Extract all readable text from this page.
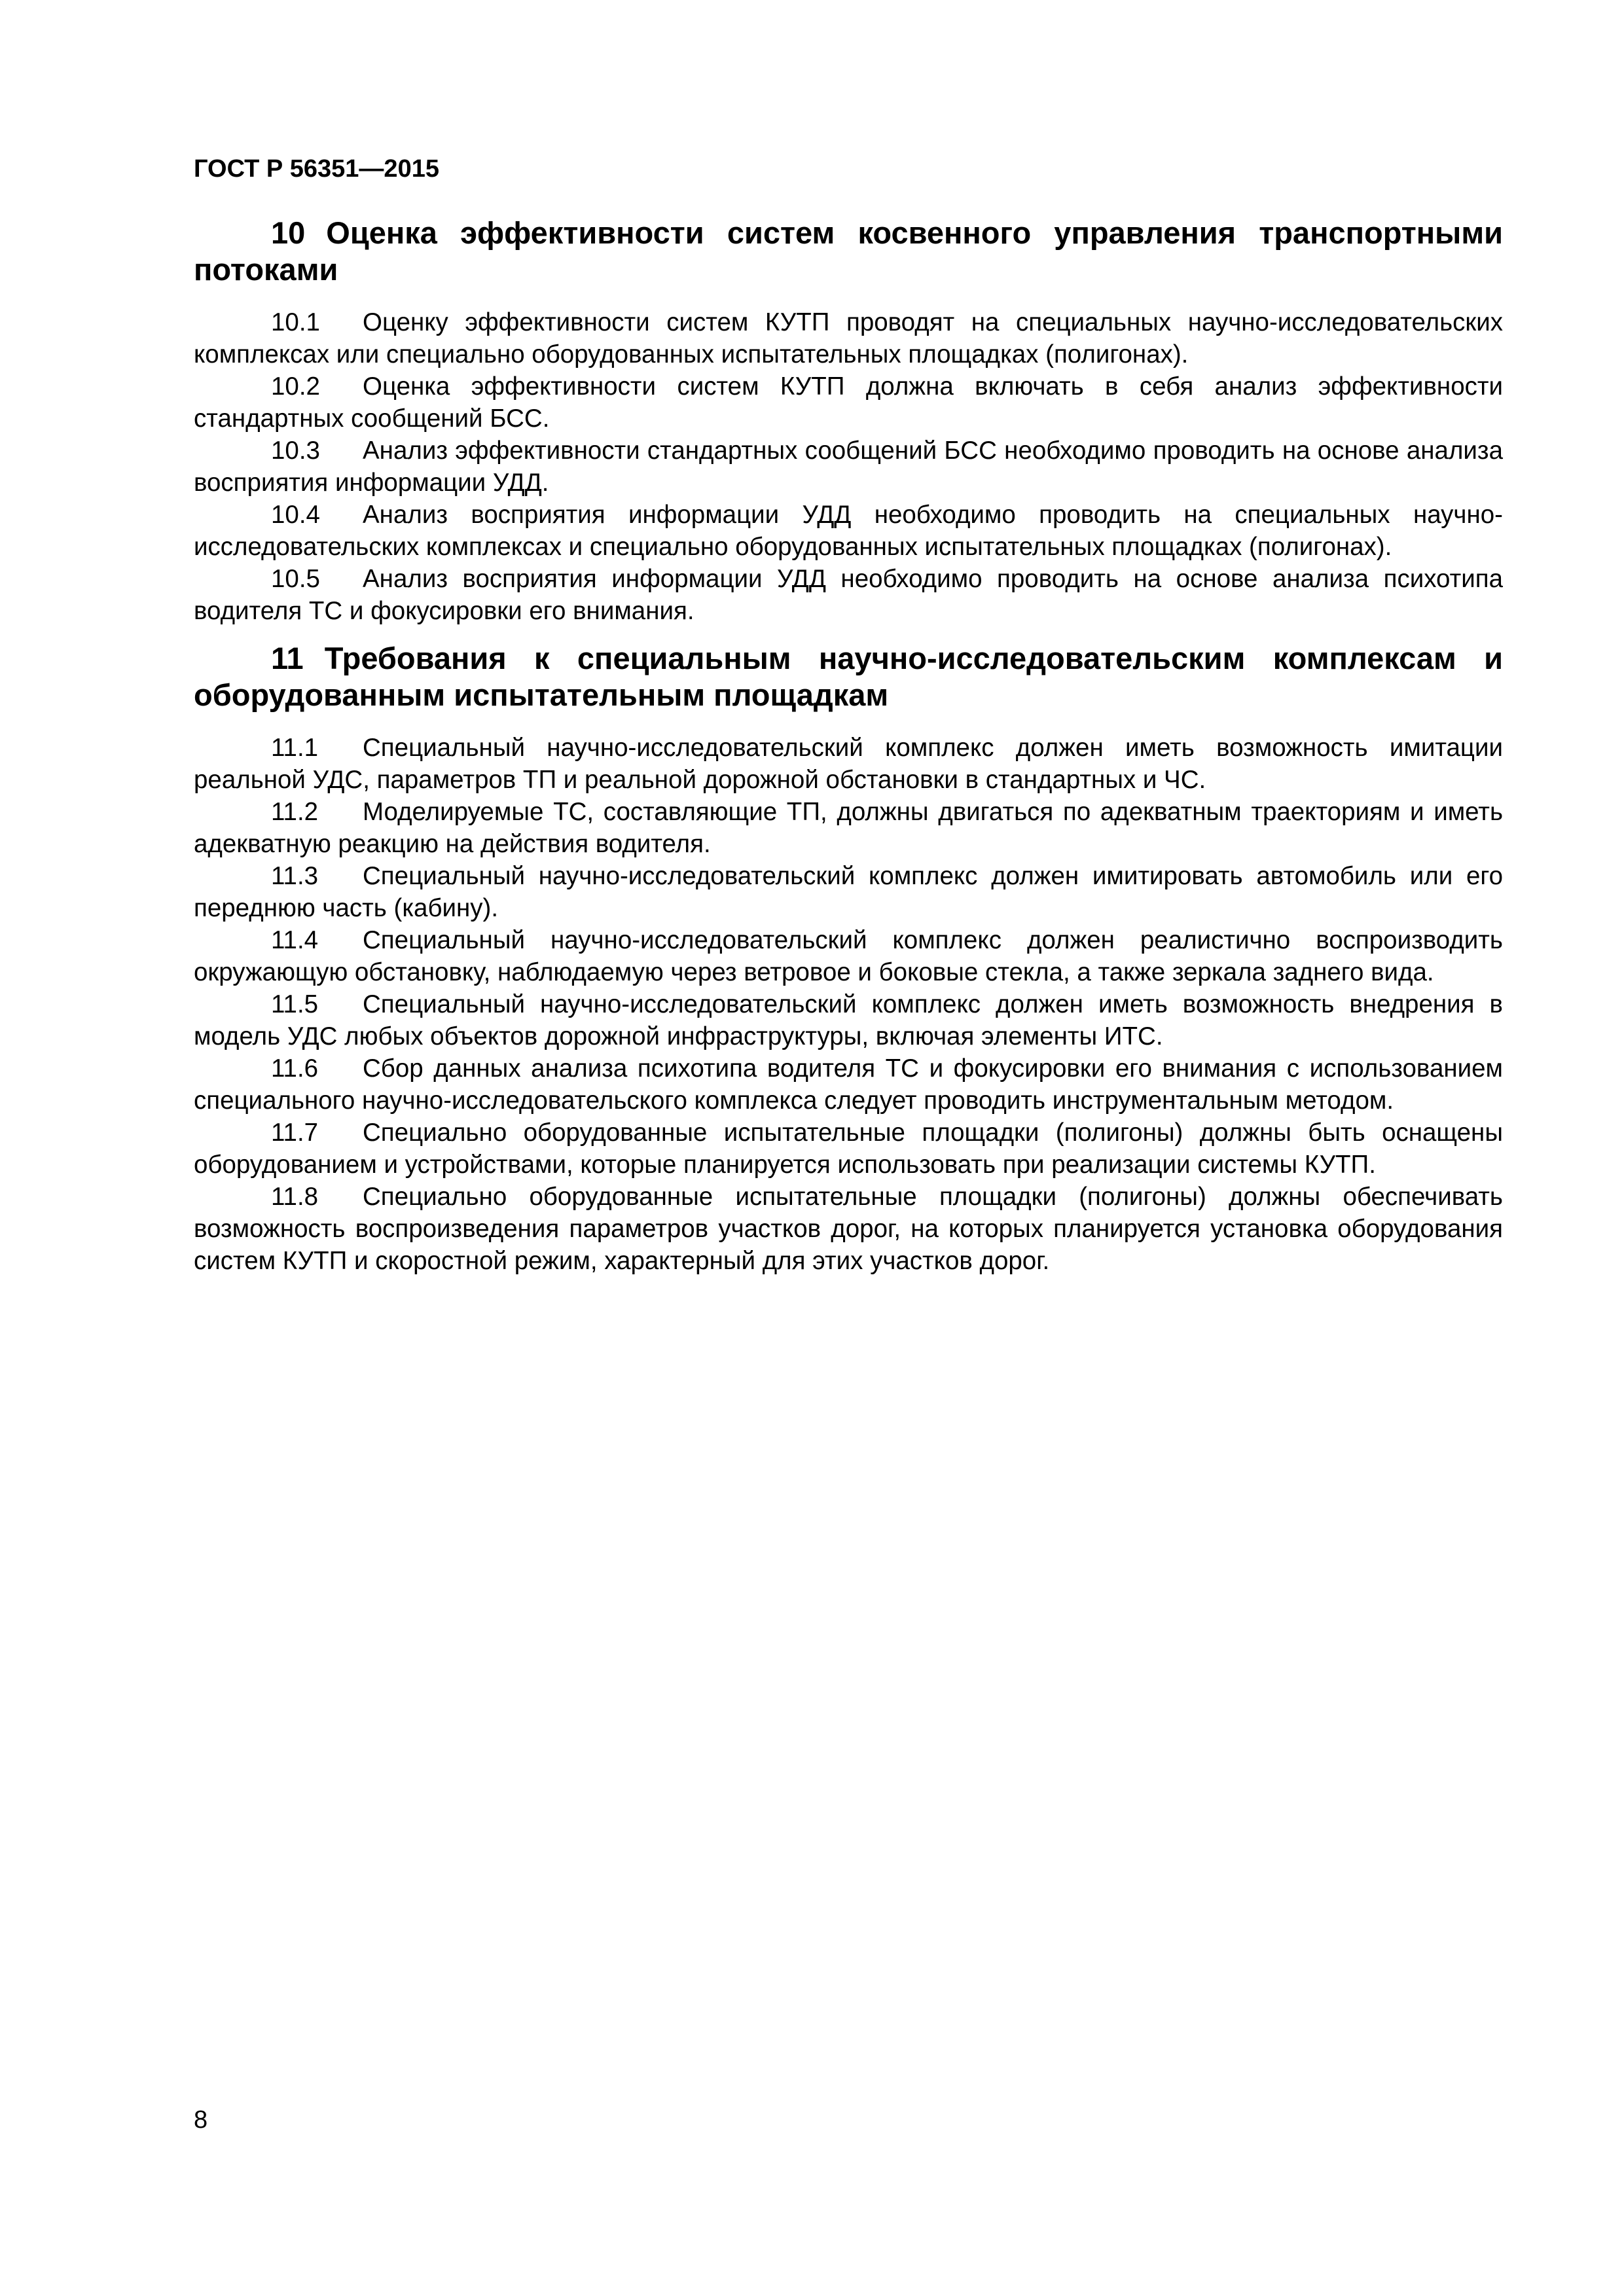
ГОСТ Р 56351—2015

10 Оценка эффективности систем косвенного управления транспортными потоками

10.1 Оценку эффективности систем КУТП проводят на специальных научно-исследовательских комплексах или специально оборудованных испытательных площадках (полигонах).

10.2 Оценка эффективности систем КУТП должна включать в себя анализ эффективности стандартных сообщений БСС.

10.3 Анализ эффективности стандартных сообщений БСС необходимо проводить на основе анализа восприятия информации УДД.

10.4 Анализ восприятия информации УДД необходимо проводить на специальных научно-исследовательских комплексах и специально оборудованных испытательных площадках (полигонах).

10.5 Анализ восприятия информации УДД необходимо проводить на основе анализа психотипа водителя ТС и фокусировки его внимания.

11 Требования к специальным научно-исследовательским комплексам и оборудованным испытательным площадкам

11.1 Специальный научно-исследовательский комплекс должен иметь возможность имитации реальной УДС, параметров ТП и реальной дорожной обстановки в стандартных и ЧС.

11.2 Моделируемые ТС, составляющие ТП, должны двигаться по адекватным траекториям и иметь адекватную реакцию на действия водителя.

11.3 Специальный научно-исследовательский комплекс должен имитировать автомобиль или его переднюю часть (кабину).

11.4 Специальный научно-исследовательский комплекс должен реалистично воспроизводить окружающую обстановку, наблюдаемую через ветровое и боковые стекла, а также зеркала заднего вида.

11.5 Специальный научно-исследовательский комплекс должен иметь возможность внедрения в модель УДС любых объектов дорожной инфраструктуры, включая элементы ИТС.

11.6 Сбор данных анализа психотипа водителя ТС и фокусировки его внимания с использованием специального научно-исследовательского комплекса следует проводить инструментальным методом.

11.7 Специально оборудованные испытательные площадки (полигоны) должны быть оснащены оборудованием и устройствами, которые планируется использовать при реализации системы КУТП.

11.8 Специально оборудованные испытательные площадки (полигоны) должны обеспечивать возможность воспроизведения параметров участков дорог, на которых планируется установка оборудования систем КУТП и скоростной режим, характерный для этих участков дорог.

8
